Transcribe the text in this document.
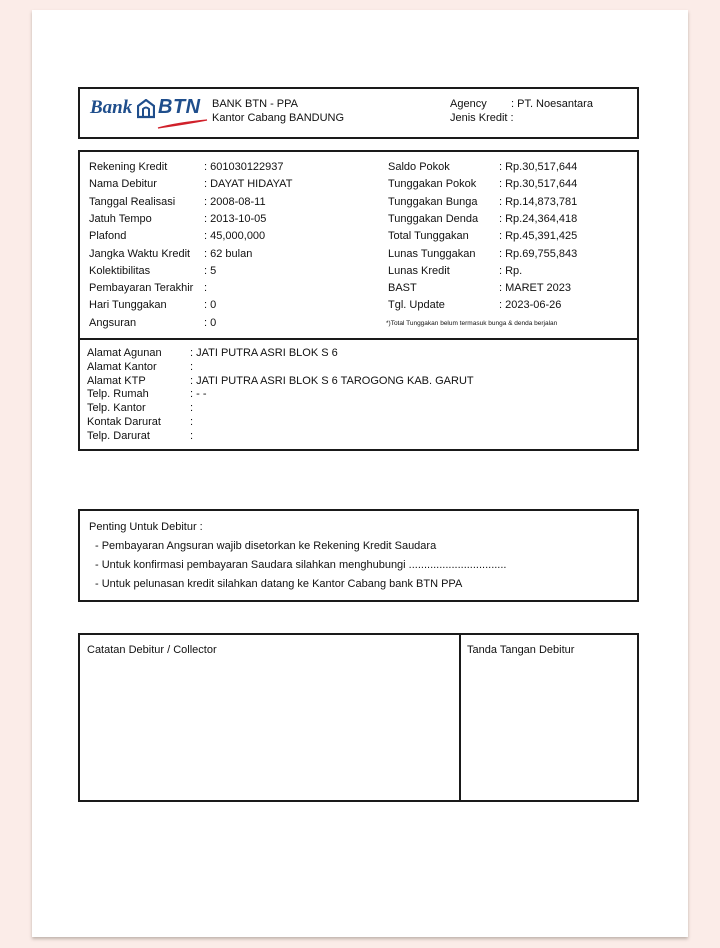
Bank BTN BANK BTN - PPA
Kantor Cabang BANDUNG
Agency : PT. Noesantara
Jenis Kredit :
*)Total Tunggakan belum termasuk bunga & denda berjalan
Rekening Kredit	: 601030122937
Nama Debitur	: DAYAT HIDAYAT
Tanggal Realisasi	: 2008-08-11
Jatuh Tempo	: 2013-10-05
Plafond	: 45,000,000
Jangka Waktu Kredit : 62 bulan
Kolektibilitas	: 5
Pembayaran Terakhir :
Hari Tunggakan	: 0
Angsuran	: 0
Saldo Pokok	: Rp.30,517,644
Tunggakan Pokok : Rp.30,517,644
Tunggakan Bunga : Rp.14,873,781
Tunggakan Denda : Rp.24,364,418
Total Tunggakan	: Rp.45,391,425
Lunas Tunggakan : Rp.69,755,843
Lunas Kredit	: Rp.
BAST	: MARET 2023
Tgl. Update	: 2023-06-26
Alamat Agunan	: JATI PUTRA ASRI BLOK S 6
Alamat Kantor	:
Alamat KTP	: JATI PUTRA ASRI BLOK S 6 TAROGONG KAB. GARUT
Telp. Rumah	: - -
Telp. Kantor	:
Kontak Darurat	:
Telp. Darurat	:
Penting Untuk Debitur :
- Pembayaran Angsuran wajib disetorkan ke Rekening Kredit Saudara
- Untuk konfirmasi pembayaran Saudara silahkan menghubungi ................................
- Untuk pelunasan kredit silahkan datang ke Kantor Cabang bank BTN PPA
Catatan Debitur / Collector	Tanda Tangan Debitur
